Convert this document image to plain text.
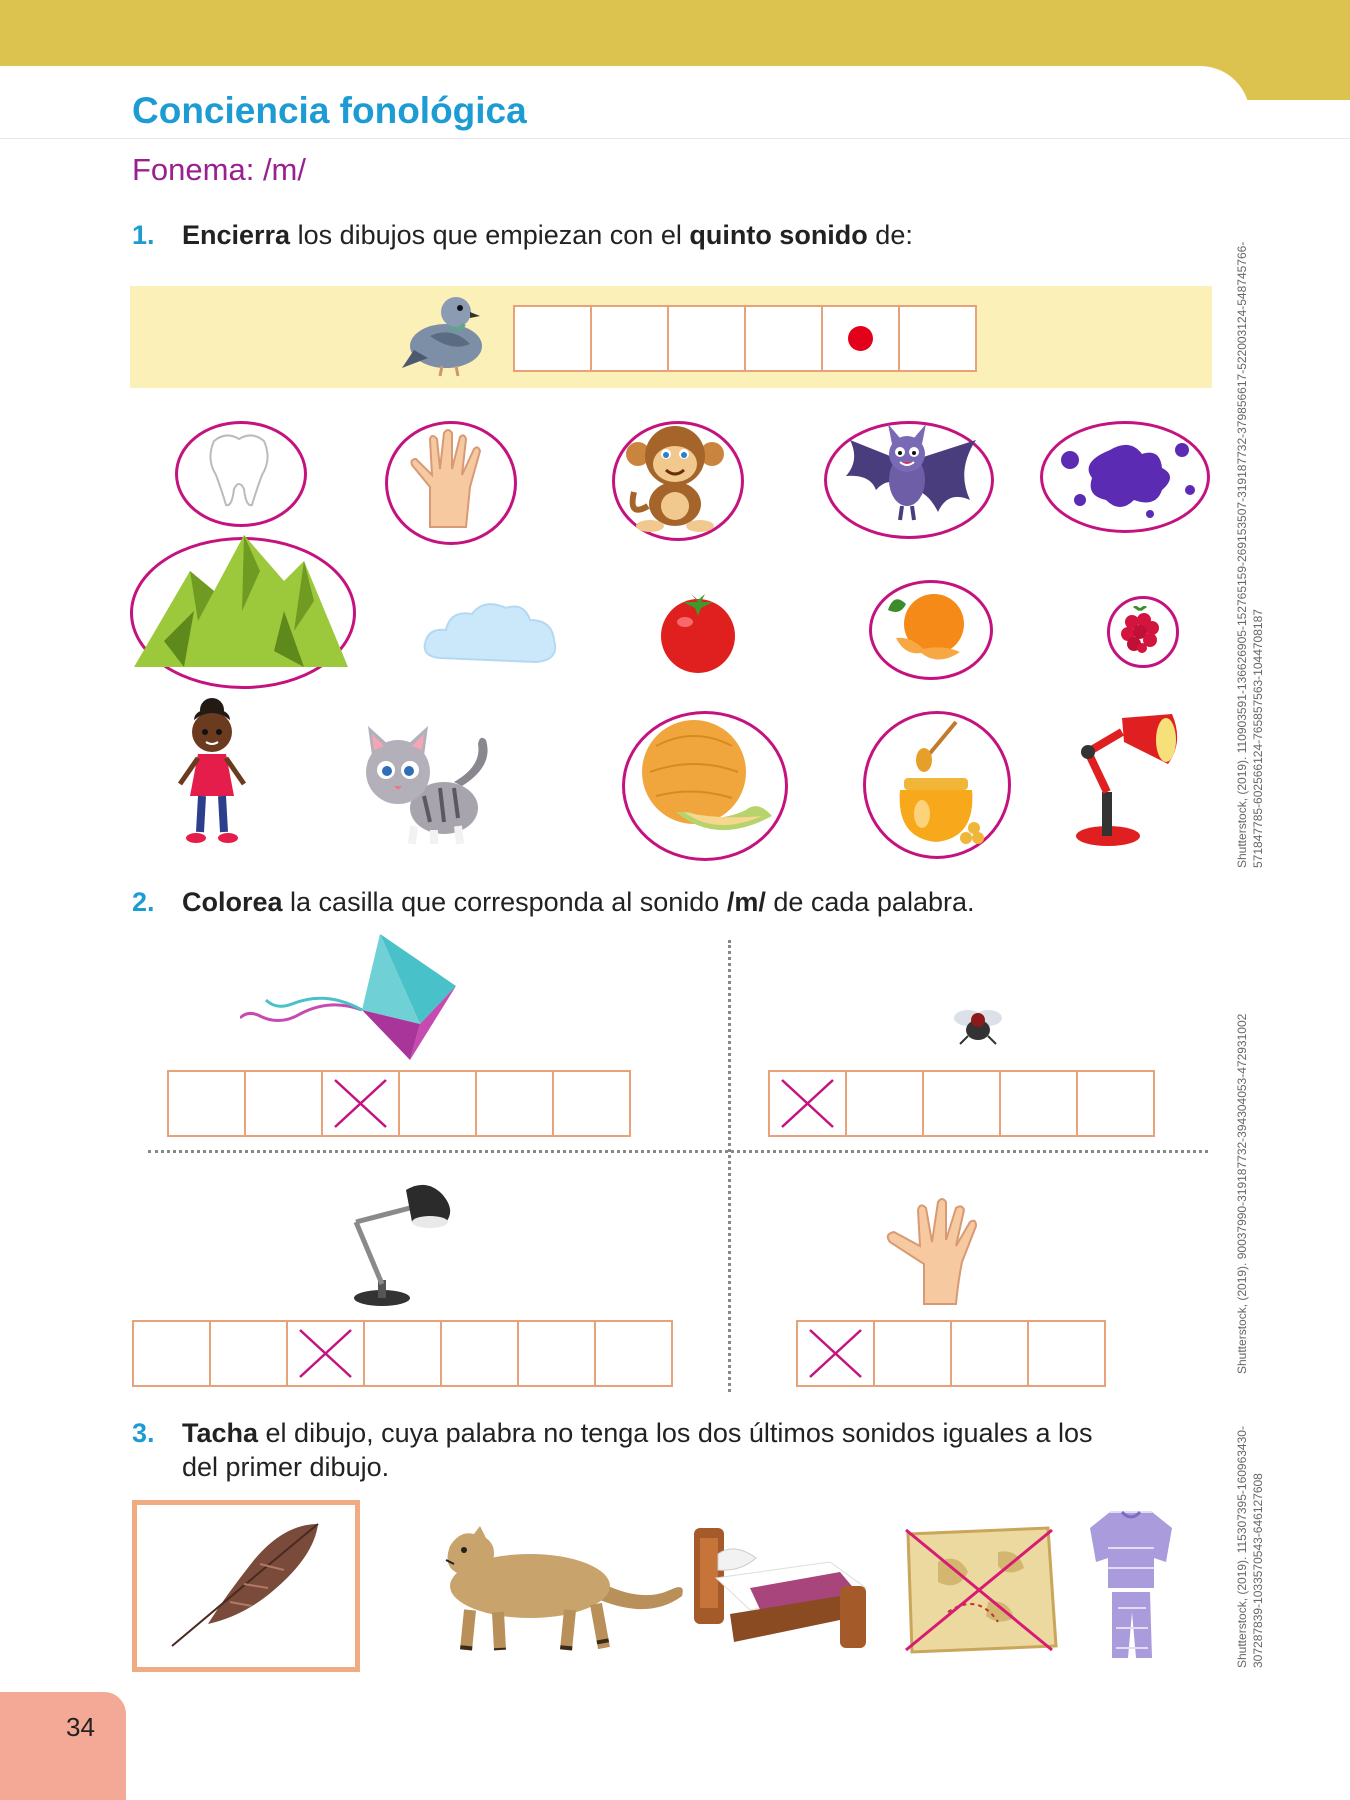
Conciencia fonológica
Fonema: /m/
1. Encierra los dibujos que empiezan con el quinto sonido de:
2. Colorea la casilla que corresponda al sonido /m/ de cada palabra.
3. Tacha el dibujo, cuya palabra no tenga los dos últimos sonidos iguales a los
del primer dibujo.
Shutterstock, (2019). 110903591-136626905-152765159-269153507-319187732-379856617-522003124-548745766- 571847785-602566124-765857563-1044708187
Shutterstock, (2019). 90037990-319187732-394304053-472931002
Shutterstock, (2019). 115307395-160963430- 307287839-1033570543-646127608
34
